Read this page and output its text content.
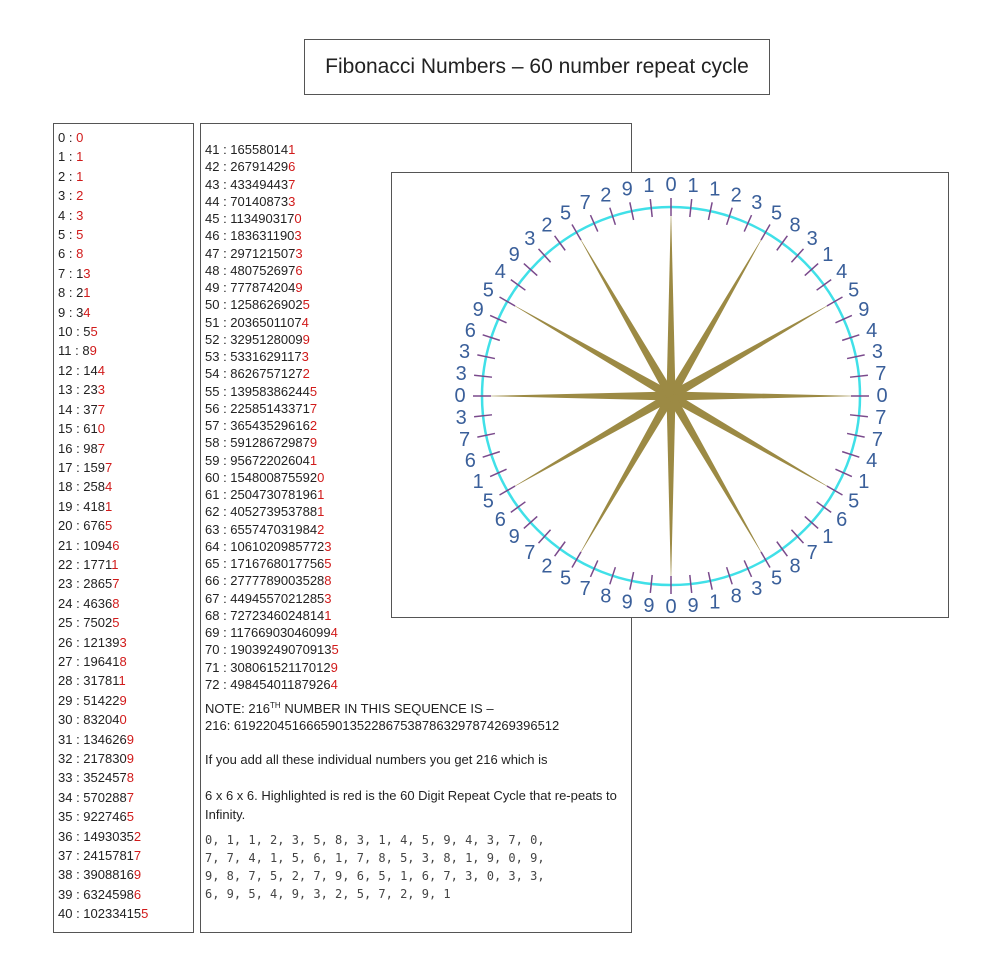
Fibonacci Numbers – 60 number repeat cycle
0 : 0
1 : 1
2 : 1
3 : 2
4 : 3
5 : 5
6 : 8
7 : 13
8 : 21
9 : 34
10 : 55
11 : 89
12 : 144
13 : 233
14 : 377
15 : 610
16 : 987
17 : 1597
18 : 2584
19 : 4181
20 : 6765
21 : 10946
22 : 17711
23 : 28657
24 : 46368
25 : 75025
26 : 121393
27 : 196418
28 : 317811
29 : 514229
30 : 832040
31 : 1346269
32 : 2178309
33 : 3524578
34 : 5702887
35 : 9227465
36 : 14930352
37 : 24157817
38 : 39088169
39 : 63245986
40 : 102334155
41 : 165580141
42 : 267914296
43 : 433494437
44 : 701408733
45 : 1134903170
46 : 1836311903
47 : 2971215073
48 : 4807526976
49 : 7778742049
50 : 12586269025
51 : 20365011074
52 : 32951280099
53 : 53316291173
54 : 86267571272
55 : 139583862445
56 : 225851433717
57 : 365435296162
58 : 591286729879
59 : 956722026041
60 : 1548008755920
61 : 2504730781961
62 : 4052739537881
63 : 6557470319842
64 : 10610209857723
65 : 17167680177565
66 : 27777890035288
67 : 44945570212853
68 : 72723460248141
69 : 117669030460994
70 : 190392490709135
71 : 308061521170129
72 : 498454011879264
NOTE: 216TH NUMBER IN THIS SEQUENCE IS –
216: 619220451666590135228675387863297874269396512
If you add all these individual numbers you get 216 which is
6 x 6 x 6. Highlighted is red is the 60 Digit Repeat Cycle that re-peats to Infinity.
0, 1, 1, 2, 3, 5, 8, 3, 1, 4, 5, 9, 4, 3, 7, 0,
7, 7, 4, 1, 5, 6, 1, 7, 8, 5, 3, 8, 1, 9, 0, 9,
9, 8, 7, 5, 2, 7, 9, 6, 5, 1, 6, 7, 3, 0, 3, 3,
6, 9, 5, 4, 9, 3, 2, 5, 7, 2, 9, 1
0 1 1 2 3 5
8
3
1
4
5
9
4
3
7
0
7
7
4
1
5
6
1
7
8
5
3
8
1
9
0
9
9
8
7
5
2
7
9
6
5
1
6
7
3
0
3
3
6
9
5
4
9
3
2
5 7 2 9 1
